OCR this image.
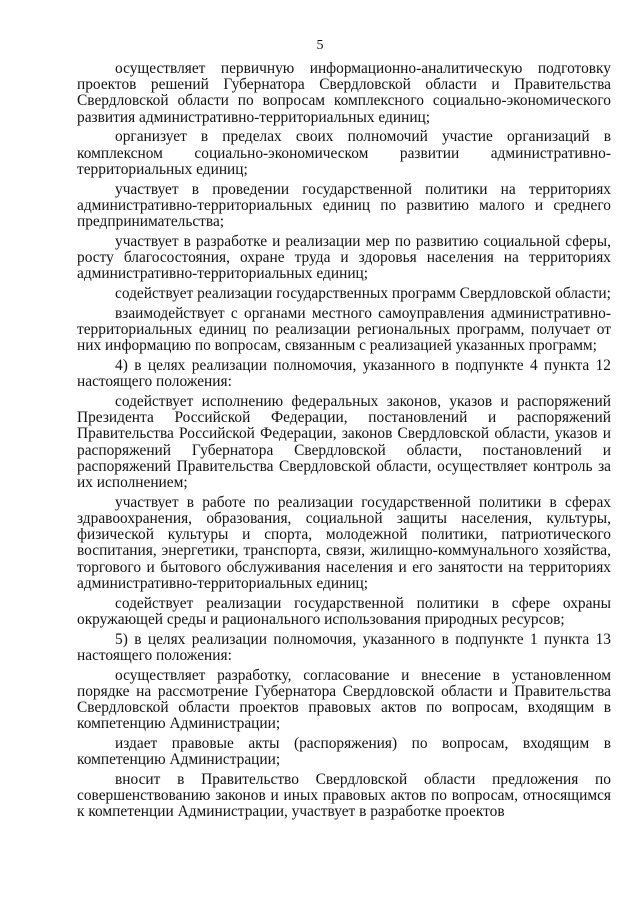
5

осуществляет первичную информационно-аналитическую подготовку проектов решений Губернатора Свердловской области и Правительства Свердловской области по вопросам комплексного социально-экономического развития административно-территориальных единиц;

организует в пределах своих полномочий участие организаций в комплексном социально-экономическом развитии административно-территориальных единиц;

участвует в проведении государственной политики на территориях административно-территориальных единиц по развитию малого и среднего предпринимательства;

участвует в разработке и реализации мер по развитию социальной сферы, росту благосостояния, охране труда и здоровья населения на территориях административно-территориальных единиц;

содействует реализации государственных программ Свердловской области;

взаимодействует с органами местного самоуправления административно-территориальных единиц по реализации региональных программ, получает от них информацию по вопросам, связанным с реализацией указанных программ;

4) в целях реализации полномочия, указанного в подпункте 4 пункта 12 настоящего положения:

содействует исполнению федеральных законов, указов и распоряжений Президента Российской Федерации, постановлений и распоряжений Правительства Российской Федерации, законов Свердловской области, указов и распоряжений Губернатора Свердловской области, постановлений и распоряжений Правительства Свердловской области, осуществляет контроль за их исполнением;

участвует в работе по реализации государственной политики в сферах здравоохранения, образования, социальной защиты населения, культуры, физической культуры и спорта, молодежной политики, патриотического воспитания, энергетики, транспорта, связи, жилищно-коммунального хозяйства, торгового и бытового обслуживания населения и его занятости на территориях административно-территориальных единиц;

содействует реализации государственной политики в сфере охраны окружающей среды и рационального использования природных ресурсов;

5) в целях реализации полномочия, указанного в подпункте 1 пункта 13 настоящего положения:

осуществляет разработку, согласование и внесение в установленном порядке на рассмотрение Губернатора Свердловской области и Правительства Свердловской области проектов правовых актов по вопросам, входящим в компетенцию Администрации;

издает правовые акты (распоряжения) по вопросам, входящим в компетенцию Администрации;

вносит в Правительство Свердловской области предложения по совершенствованию законов и иных правовых актов по вопросам, относящимся к компетенции Администрации, участвует в разработке проектов
